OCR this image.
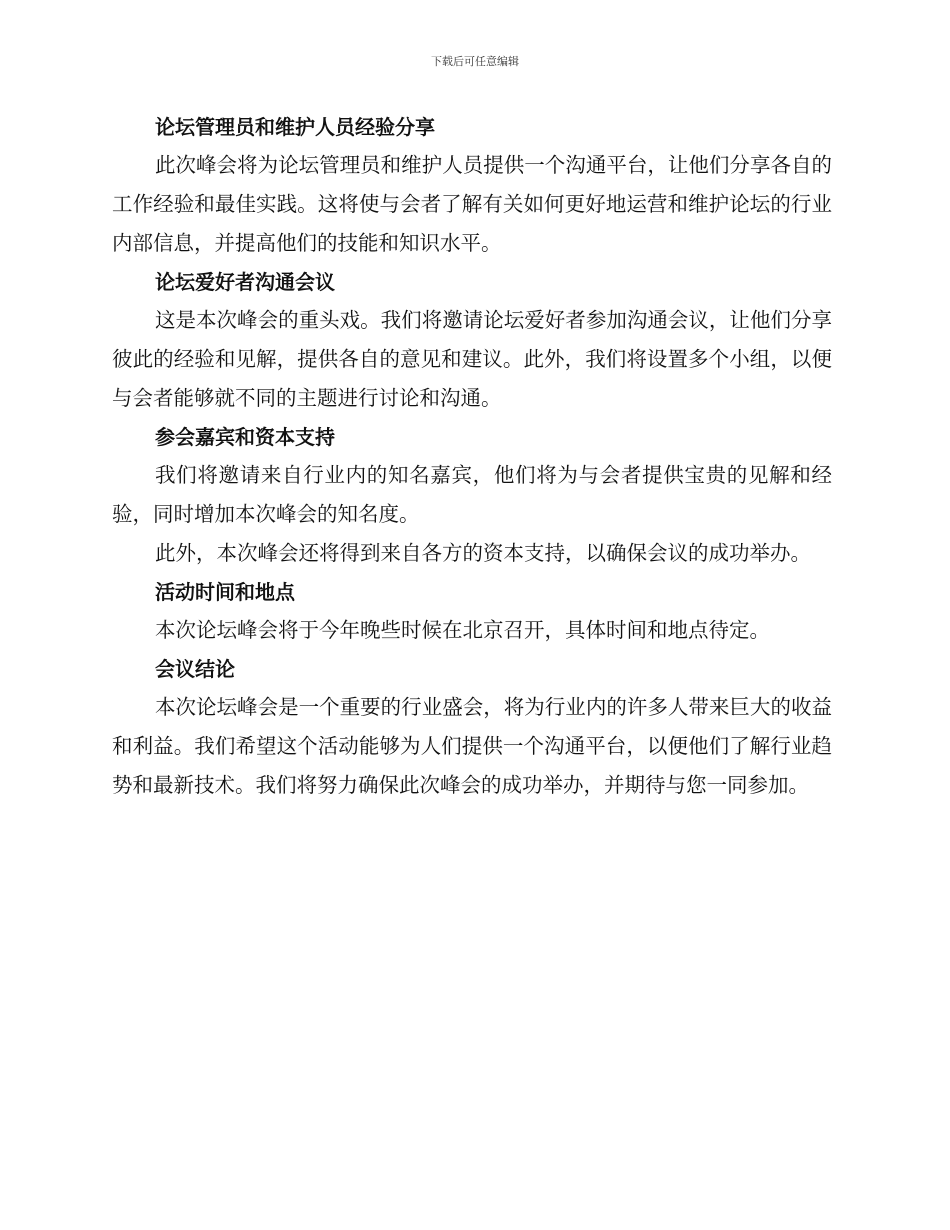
下载后可任意编辑
论坛管理员和维护人员经验分享

此次峰会将为论坛管理员和维护人员提供一个沟通平台，让他们分享各自的工作经验和最佳实践。这将使与会者了解有关如何更好地运营和维护论坛的行业内部信息，并提高他们的技能和知识水平。

论坛爱好者沟通会议

这是本次峰会的重头戏。我们将邀请论坛爱好者参加沟通会议，让他们分享彼此的经验和见解，提供各自的意见和建议。此外，我们将设置多个小组，以便与会者能够就不同的主题进行讨论和沟通。

参会嘉宾和资本支持

我们将邀请来自行业内的知名嘉宾，他们将为与会者提供宝贵的见解和经验，同时增加本次峰会的知名度。

此外，本次峰会还将得到来自各方的资本支持，以确保会议的成功举办。

活动时间和地点

本次论坛峰会将于今年晚些时候在北京召开，具体时间和地点待定。

会议结论

本次论坛峰会是一个重要的行业盛会，将为行业内的许多人带来巨大的收益和利益。我们希望这个活动能够为人们提供一个沟通平台，以便他们了解行业趋势和最新技术。我们将努力确保此次峰会的成功举办，并期待与您一同参加。
